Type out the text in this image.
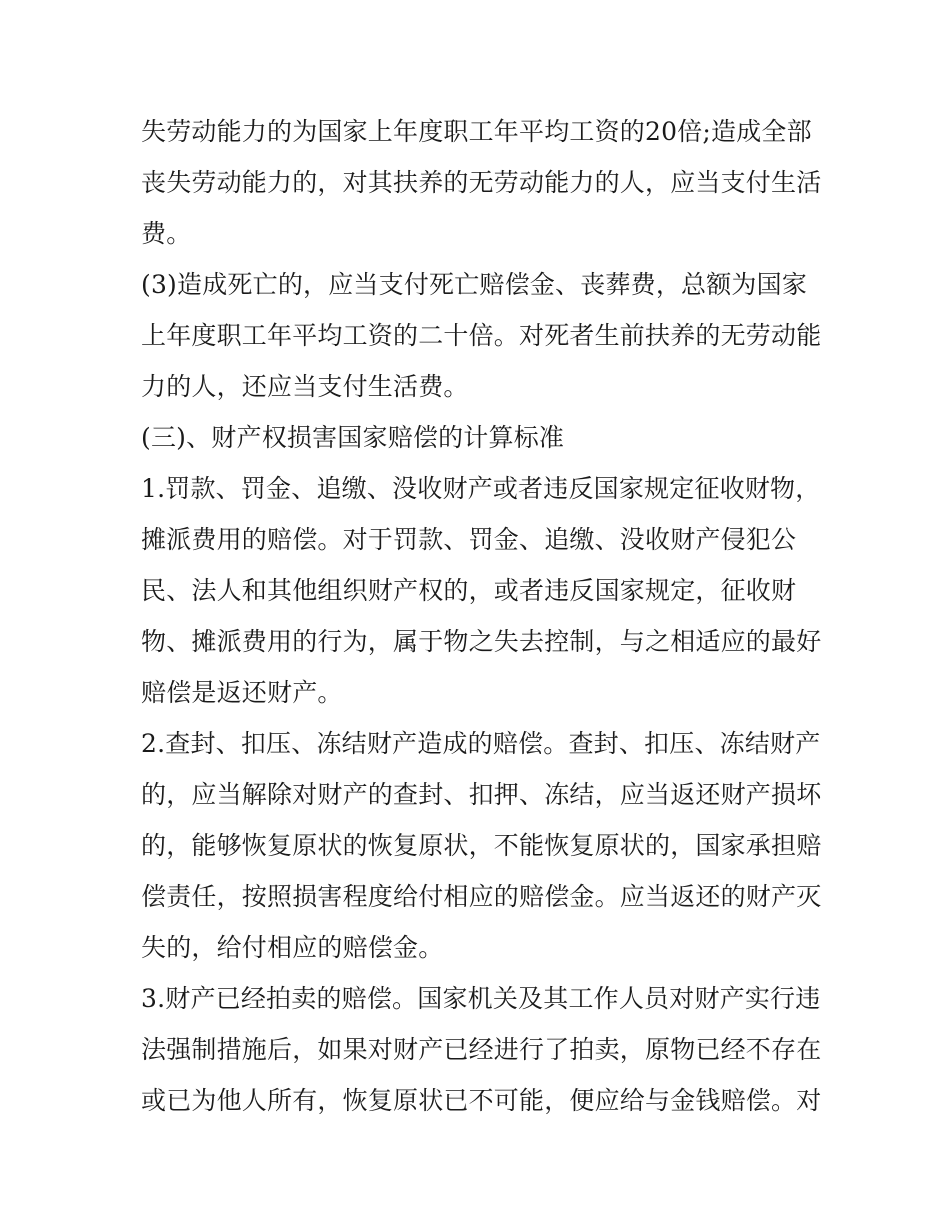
失劳动能力的为国家上年度职工年平均工资的20倍;造成全部
丧失劳动能力的，对其扶养的无劳动能力的人，应当支付生活
费。
(3)造成死亡的，应当支付死亡赔偿金、丧葬费，总额为国家
上年度职工年平均工资的二十倍。对死者生前扶养的无劳动能
力的人，还应当支付生活费。
(三)、财产权损害国家赔偿的计算标准
1.罚款、罚金、追缴、没收财产或者违反国家规定征收财物，
摊派费用的赔偿。对于罚款、罚金、追缴、没收财产侵犯公
民、法人和其他组织财产权的，或者违反国家规定，征收财
物、摊派费用的行为，属于物之失去控制，与之相适应的最好
赔偿是返还财产。
2.查封、扣压、冻结财产造成的赔偿。查封、扣压、冻结财产
的，应当解除对财产的查封、扣押、冻结，应当返还财产损坏
的，能够恢复原状的恢复原状，不能恢复原状的，国家承担赔
偿责任，按照损害程度给付相应的赔偿金。应当返还的财产灭
失的，给付相应的赔偿金。
3.财产已经拍卖的赔偿。国家机关及其工作人员对财产实行违
法强制措施后，如果对财产已经进行了拍卖，原物已经不存在
或已为他人所有，恢复原状已不可能，便应给与金钱赔偿。对
